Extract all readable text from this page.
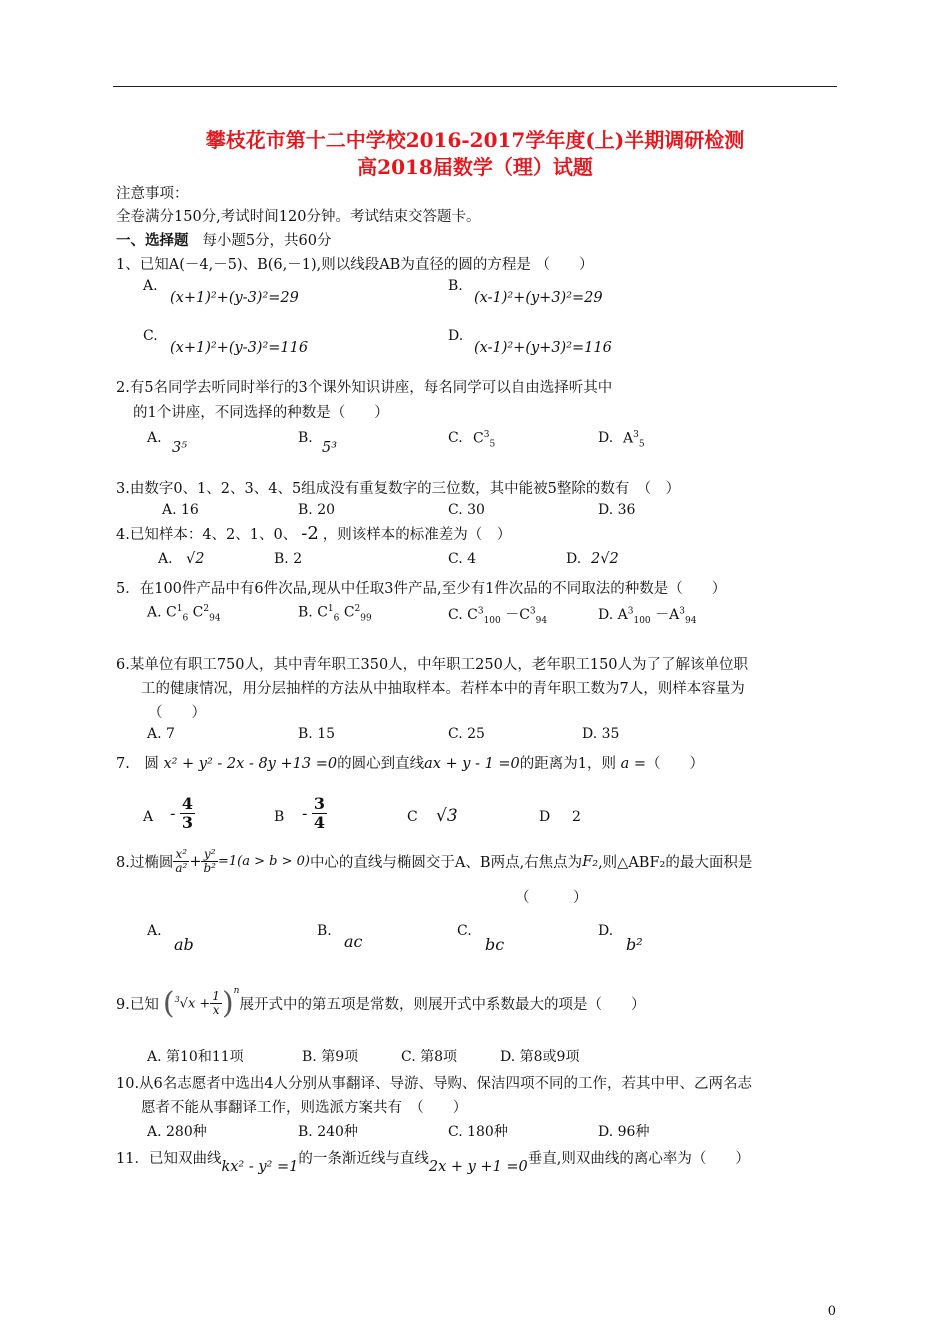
攀枝花市第十二中学校2016-2017学年度(上)半期调研检测
高2018届数学（理）试题
注意事项：
全卷满分150分,考试时间120分钟。考试结束交答题卡。
一、选择题 每小题5分，共60分
1、已知A(－4,－5)、B(6,－1),则以线段AB为直径的圆的方程是 （　　）
A.
(x+1)²+(y-3)²=29
B.
(x-1)²+(y+3)²=29
C.
(x+1)²+(y-3)²=116
D.
(x-1)²+(y+3)²=116
2.有5名同学去听同时举行的3个课外知识讲座，每名同学可以自由选择听其中
的1个讲座，不同选择的种数是（　　）
A.
3⁵
B.
5³
C. $C^3_5$	D. $A^3_5$
3.由数字0、1、2、3、4、5组成没有重复数字的三位数，其中能被5整除的数有　（　）
A. 16	B. 20	C. 30	D. 36
4.已知样本：4、2、1、0、 -2 ，则该样本的标准差为（　）
A. √2	B. 2	C. 4	D. 2√2
5．在100件产品中有6件次品,现从中任取3件产品,至少有1件次品的不同取法的种数是（　　）
A. $C^1_6$ $C^2_{94}$	B. $C^1_6$ $C^2_{99}$	C. $C^3_{100} -C^3_{94}$	D. $A^3_{100} -A^3_{94}$
6.某单位有职工750人，其中青年职工350人，中年职工250人，老年职工150人为了了解该单位职
工的健康情况，用分层抽样的方法从中抽取样本。若样本中的青年职工数为7人，则样本容量为
（　　）
A. 7	B. 15	C. 25	D. 35
7.　圆 x² + y² - 2x - 8y +13 =0的圆心到直线ax + y - 1 =0的距离为1，则 a =（　　）
A - $\frac{4}{3}$	B - $\frac{3}{4}$	C √3	D 2
8.过椭圆 $\frac{\text{x²}}{\text{a²}} + \frac{\text{y²}}{\text{b²}} =1(a > b > 0)$ 中心的直线与椭圆交于A、B两点,右焦点为 F₂ ,则△ABF₂的最大面积是
（　　　）
A.
ab
B.
ac
C.
bc
D.
b²
9.已知 ( $^3√x + \frac{1}{x}$ ) n
展开式中的第五项是常数，则展开式中系数最大的项是（　　）
A. 第10和11项	B. 第9项	C. 第8项	D. 第8或9项
10.从6名志愿者中选出4人分别从事翻译、导游、导购、保洁四项不同的工作，若其中甲、乙两名志
愿者不能从事翻译工作，则选派方案共有　（　　）
A. 280种	B. 240种	C. 180种	D. 96种
11．已知双曲线kx² - y² =1的一条渐近线与直线2x + y +1 =0垂直,则双曲线的离心率为（　　）
0
